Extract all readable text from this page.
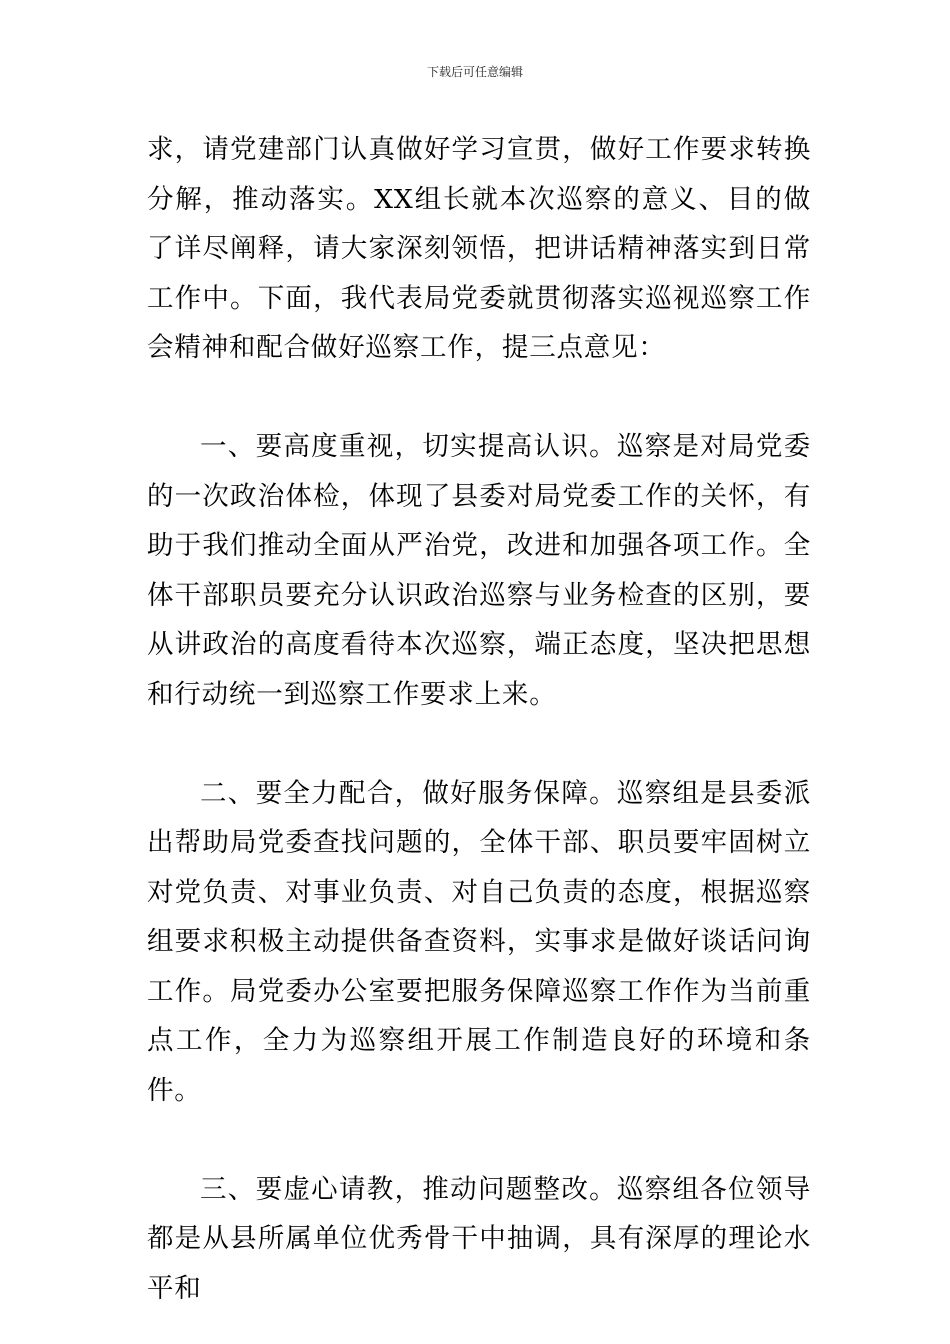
下载后可任意编辑

求，请党建部门认真做好学习宣贯，做好工作要求转换分解，推动落实。XX组长就本次巡察的意义、目的做了详尽阐释，请大家深刻领悟，把讲话精神落实到日常工作中。下面，我代表局党委就贯彻落实巡视巡察工作会精神和配合做好巡察工作，提三点意见：

一、要高度重视，切实提高认识。巡察是对局党委的一次政治体检，体现了县委对局党委工作的关怀，有助于我们推动全面从严治党，改进和加强各项工作。全体干部职员要充分认识政治巡察与业务检查的区别，要从讲政治的高度看待本次巡察，端正态度，坚决把思想和行动统一到巡察工作要求上来。

二、要全力配合，做好服务保障。巡察组是县委派出帮助局党委查找问题的，全体干部、职员要牢固树立对党负责、对事业负责、对自己负责的态度，根据巡察组要求积极主动提供备查资料，实事求是做好谈话问询工作。局党委办公室要把服务保障巡察工作作为当前重点工作，全力为巡察组开展工作制造良好的环境和条件。

三、要虚心请教，推动问题整改。巡察组各位领导都是从县所属单位优秀骨干中抽调，具有深厚的理论水平和
